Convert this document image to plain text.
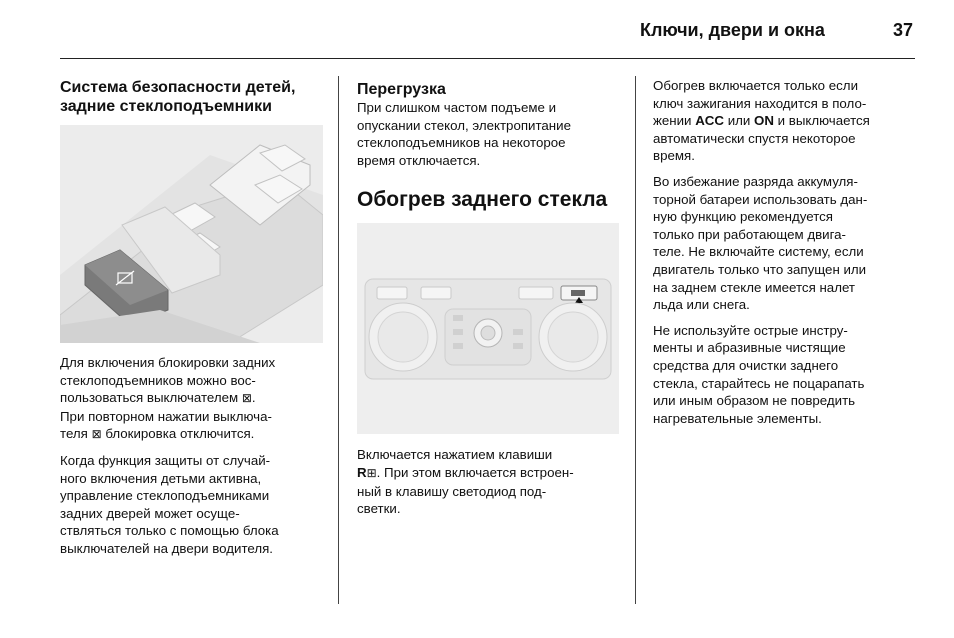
Ключи, двери и окна	37
Система безопасности детей,
задние стеклоподъемники

Для включения блокировки задних
стеклоподъемников можно вос-
пользоваться выключателем ⊠.
При повторном нажатии выключа-
теля ⊠ блокировка отключится.

Когда функция защиты от случай-
ного включения детьми активна,
управление стеклоподъемниками
задних дверей может осуще-
ствляться только с помощью блока
выключателей на двери водителя.

Перегрузка

При слишком частом подъеме и
опускании стекол, электропитание
стеклоподъемников на некоторое
время отключается.

Обогрев заднего стекла

Включается нажатием клавиши
R⊞. При этом включается встроен-
ный в клавишу светодиод под-
светки.

Обогрев включается только если
ключ зажигания находится в поло-
жении ACC или ON и выключается
автоматически спустя некоторое
время.

Во избежание разряда аккумуля-
торной батареи использовать дан-
ную функцию рекомендуется
только при работающем двига-
теле. Не включайте систему, если
двигатель только что запущен или
на заднем стекле имеется налет
льда или снега.

Не используйте острые инстру-
менты и абразивные чистящие
средства для очистки заднего
стекла, старайтесь не поцарапать
или иным образом не повредить
нагревательные элементы.
